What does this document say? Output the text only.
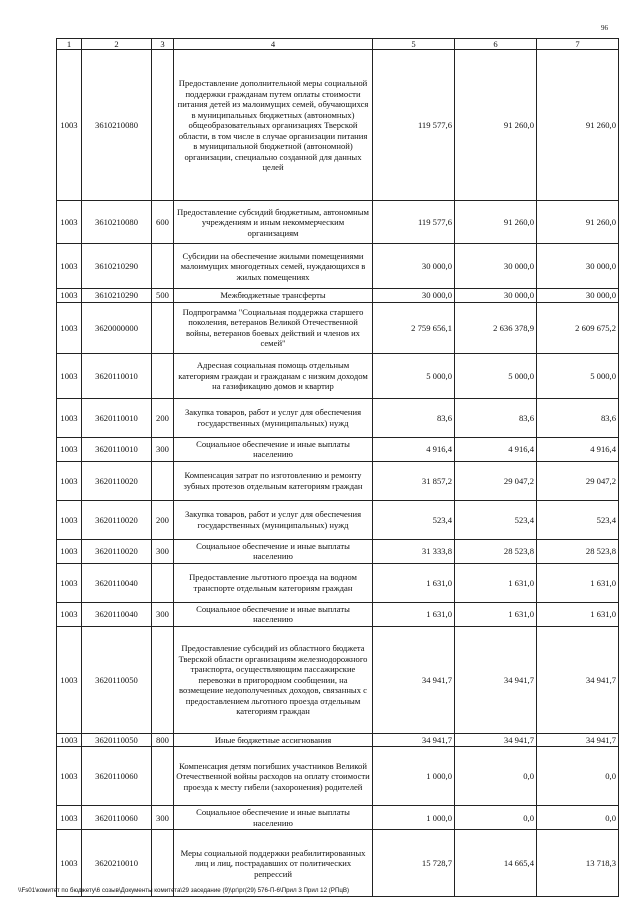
96
1	2	3	4	5	6	7
1003	3610210080		Предоставление дополнительной меры социальной поддержки гражданам путем оплаты стоимости питания детей из малоимущих семей, обучающихся в муниципальных бюджетных (автономных) общеобразовательных организациях Тверской области, в том числе в случае организации питания в муниципальной бюджетной (автономной) организации, специально созданной для данных целей	119 577,6	91 260,0	91 260,0
1003	3610210080	600	Предоставление субсидий бюджетным, автономным учреждениям и иным некоммерческим организациям	119 577,6	91 260,0	91 260,0
1003	3610210290		Субсидии на обеспечение жилыми помещениями малоимущих многодетных семей, нуждающихся в жилых помещениях	30 000,0	30 000,0	30 000,0
1003	3610210290	500	Межбюджетные трансферты	30 000,0	30 000,0	30 000,0
1003	3620000000		Подпрограмма "Социальная поддержка старшего поколения, ветеранов Великой Отечественной войны, ветеранов боевых действий и членов их семей"	2 759 656,1	2 636 378,9	2 609 675,2
1003	3620110010		Адресная социальная помощь отдельным категориям граждан и гражданам с низким доходом на газификацию домов и квартир	5 000,0	5 000,0	5 000,0
1003	3620110010	200	Закупка товаров, работ и услуг для обеспечения государственных (муниципальных) нужд	83,6	83,6	83,6
1003	3620110010	300	Социальное обеспечение и иные выплаты населению	4 916,4	4 916,4	4 916,4
1003	3620110020		Компенсация затрат по изготовлению и ремонту зубных протезов отдельным категориям граждан	31 857,2	29 047,2	29 047,2
1003	3620110020	200	Закупка товаров, работ и услуг для обеспечения государственных (муниципальных) нужд	523,4	523,4	523,4
1003	3620110020	300	Социальное обеспечение и иные выплаты населению	31 333,8	28 523,8	28 523,8
1003	3620110040		Предоставление льготного проезда на водном транспорте отдельным категориям граждан	1 631,0	1 631,0	1 631,0
1003	3620110040	300	Социальное обеспечение и иные выплаты населению	1 631,0	1 631,0	1 631,0
1003	3620110050		Предоставление субсидий из областного бюджета Тверской области организациям железнодорожного транспорта, осуществляющим пассажирские перевозки в пригородном сообщении, на возмещение недополученных доходов, связанных с предоставлением льготного проезда отдельным категориям граждан	34 941,7	34 941,7	34 941,7
1003	3620110050	800	Иные бюджетные ассигнования	34 941,7	34 941,7	34 941,7
1003	3620110060		Компенсация детям погибших участников Великой Отечественной войны расходов на оплату стоимости проезда к месту гибели (захоронения) родителей	1 000,0	0,0	0,0
1003	3620110060	300	Социальное обеспечение и иные выплаты населению	1 000,0	0,0	0,0
1003	3620210010		Меры социальной поддержки реабилитированных лиц и лиц, пострадавших от политических репрессий	15 728,7	14 665,4	13 718,3
\\Fs01\комитет по бюджету\6 созыв\Документы комитета\29 заседание (9)\рг\рг(29) 576-П-6\Прил 3 Прил 12 (РПцВ)
